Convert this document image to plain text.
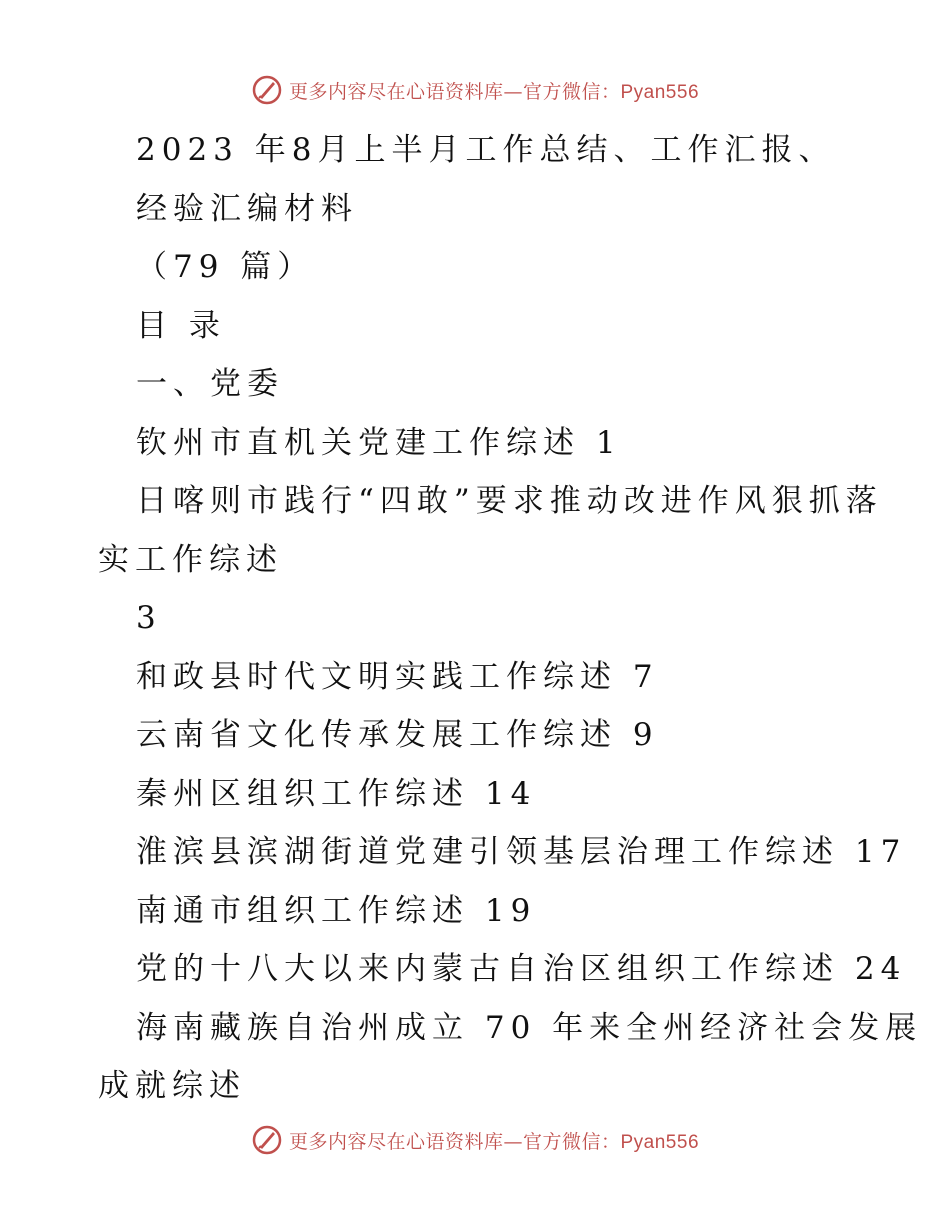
更多内容尽在心语资料库—官方微信：Pyan556
2023 年8月上半月工作总结、工作汇报、
经验汇编材料
（79 篇）
目 录
一、党委
钦州市直机关党建工作综述 1
日喀则市践行“四敢”要求推动改进作风狠抓落
实工作综述
3
和政县时代文明实践工作综述 7
云南省文化传承发展工作综述 9
秦州区组织工作综述 14
淮滨县滨湖街道党建引领基层治理工作综述 17
南通市组织工作综述 19
党的十八大以来内蒙古自治区组织工作综述 24
海南藏族自治州成立 70 年来全州经济社会发展
成就综述
更多内容尽在心语资料库—官方微信：Pyan556
